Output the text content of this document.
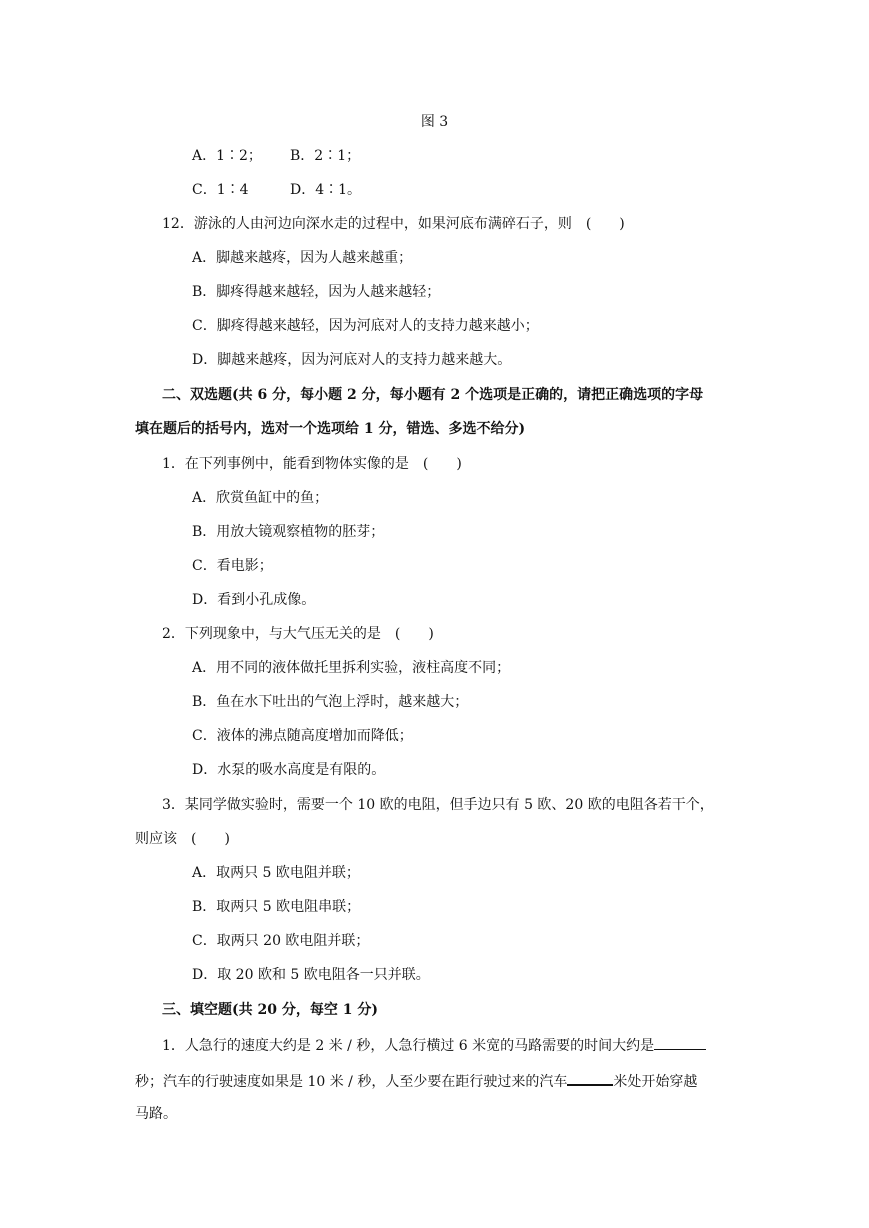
图 3
A．1∶2； B．2∶1；
C．1∶4	D．4∶1。
12．游泳的人由河边向深水走的过程中，如果河底布满碎石子，则　(　　)
A．脚越来越疼，因为人越来越重；
B．脚疼得越来越轻，因为人越来越轻；
C．脚疼得越来越轻，因为河底对人的支持力越来越小；
D．脚越来越疼，因为河底对人的支持力越来越大。
二、双选题(共 6 分，每小题 2 分，每小题有 2 个选项是正确的，请把正确选项的字母
填在题后的括号内，选对一个选项给 1 分，错选、多选不给分)
1．在下列事例中，能看到物体实像的是　(　　)
A．欣赏鱼缸中的鱼；
B．用放大镜观察植物的胚芽；
C．看电影；
D．看到小孔成像。
2．下列现象中，与大气压无关的是　(　　)
A．用不同的液体做托里拆利实验，液柱高度不同；
B．鱼在水下吐出的气泡上浮时，越来越大；
C．液体的沸点随高度增加而降低；
D．水泵的吸水高度是有限的。
3．某同学做实验时，需要一个 10 欧的电阻，但手边只有 5 欧、20 欧的电阻各若干个，
则应该　(　　)
A．取两只 5 欧电阻并联；
B．取两只 5 欧电阻串联；
C．取两只 20 欧电阻并联；
D．取 20 欧和 5 欧电阻各一只并联。
三、填空题(共 20 分，每空 1 分)
1．人急行的速度大约是 2 米 / 秒，人急行横过 6 米宽的马路需要的时间大约是
秒；汽车的行驶速度如果是 10 米 / 秒，人至少要在距行驶过来的汽车	米处开始穿越
马路。
